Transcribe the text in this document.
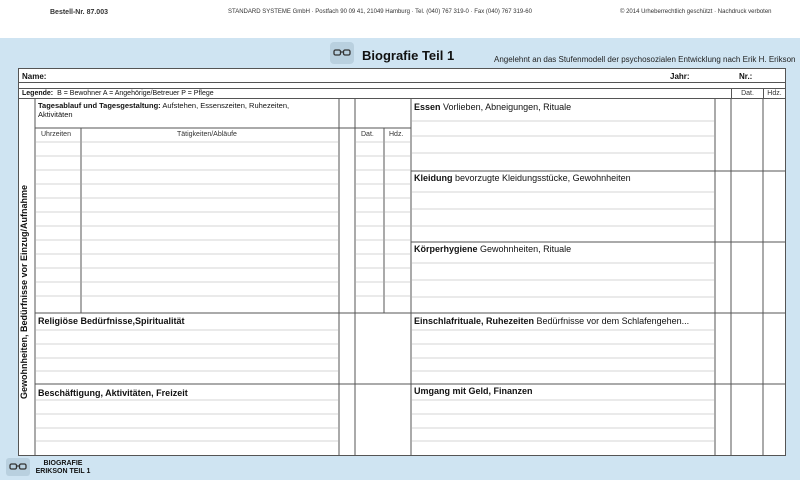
Bestell-Nr. 87.003	STANDARD SYSTEME GmbH · Postfach 90 09 41, 21049 Hamburg · Tel. (040) 767 319-0 · Fax (040) 767 319-60	© 2014 Urheberrechtlich geschützt · Nachdruck verboten
Biografie Teil 1	Angelehnt an das Stufenmodell der psychosozialen Entwicklung nach Erik H. Erikson
Name:	Jahr:	Nr.:
Legende: B = Bewohner A = Angehörige/Betreuer P = Pflege	Dat.	Hdz.
Gewohnheiten, Bedürfnisse vor Einzug/Aufnahme
Tagesablauf und Tagesgestaltung: Aufstehen, Essenszeiten, Ruhezeiten,
Aktivitäten
Uhrzeiten	Tätigkeiten/Abläufe	Dat. Hdz.
Essen Vorlieben, Abneigungen, Rituale
Kleidung bevorzugte Kleidungsstücke, Gewohnheiten
Körperhygiene Gewohnheiten, Rituale
Religiöse Bedürfnisse,Spiritualität	Einschlafrituale, Ruhezeiten Bedürfnisse vor dem Schlafengehen...
Beschäftigung, Aktivitäten, Freizeit	Umgang mit Geld, Finanzen
BIOGRAFIE
ERIKSON TEIL 1
